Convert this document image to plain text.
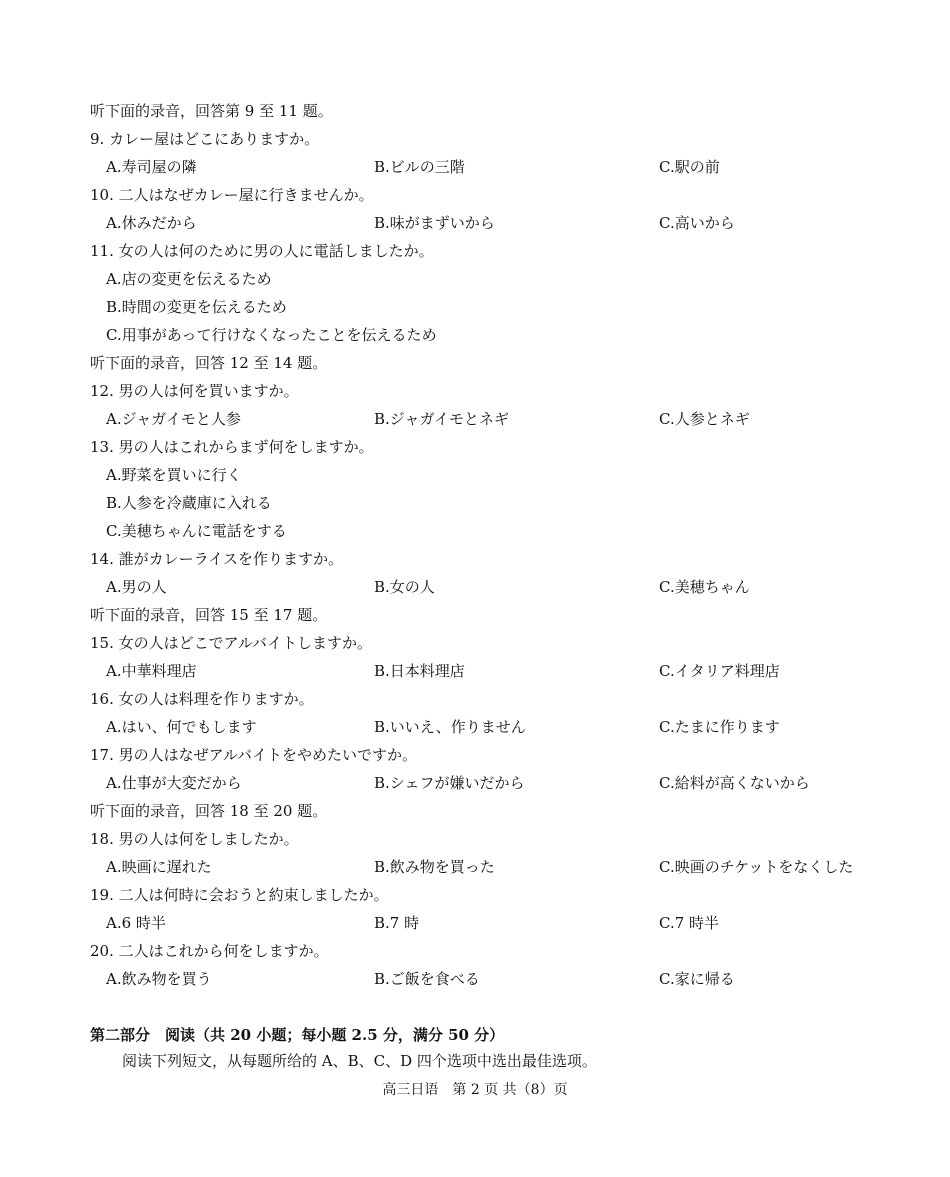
听下面的录音，回答第 9 至 11 题。
9. カレー屋はどこにありますか。
A.寿司屋の隣	B.ビルの三階	C.駅の前
10. 二人はなぜカレー屋に行きませんか。
A.休みだから	B.味がまずいから	C.高いから
11. 女の人は何のために男の人に電話しましたか。
A.店の変更を伝えるため
B.時間の変更を伝えるため
C.用事があって行けなくなったことを伝えるため
听下面的录音，回答 12 至 14 题。
12. 男の人は何を買いますか。
A.ジャガイモと人参	B.ジャガイモとネギ	C.人参とネギ
13. 男の人はこれからまず何をしますか。
A.野菜を買いに行く
B.人参を冷蔵庫に入れる
C.美穂ちゃんに電話をする
14. 誰がカレーライスを作りますか。
A.男の人	B.女の人	C.美穂ちゃん
听下面的录音，回答 15 至 17 题。
15. 女の人はどこでアルバイトしますか。
A.中華料理店	B.日本料理店	C.イタリア料理店
16. 女の人は料理を作りますか。
A.はい、何でもします	B.いいえ、作りません	C.たまに作ります
17. 男の人はなぜアルバイトをやめたいですか。
A.仕事が大変だから	B.シェフが嫌いだから	C.給料が高くないから
听下面的录音，回答 18 至 20 题。
18. 男の人は何をしましたか。
A.映画に遅れた	B.飲み物を買った	C.映画のチケットをなくした
19. 二人は何時に会おうと約束しましたか。
A.6 時半	B.7 時	C.7 時半
20. 二人はこれから何をしますか。
A.飲み物を買う	B.ご飯を食べる	C.家に帰る
第二部分　阅读（共 20 小题；每小题 2.5 分，满分 50 分）
阅读下列短文，从每题所给的 A、B、C、D 四个选项中选出最佳选项。
高三日语　第 2 页 共（8）页
